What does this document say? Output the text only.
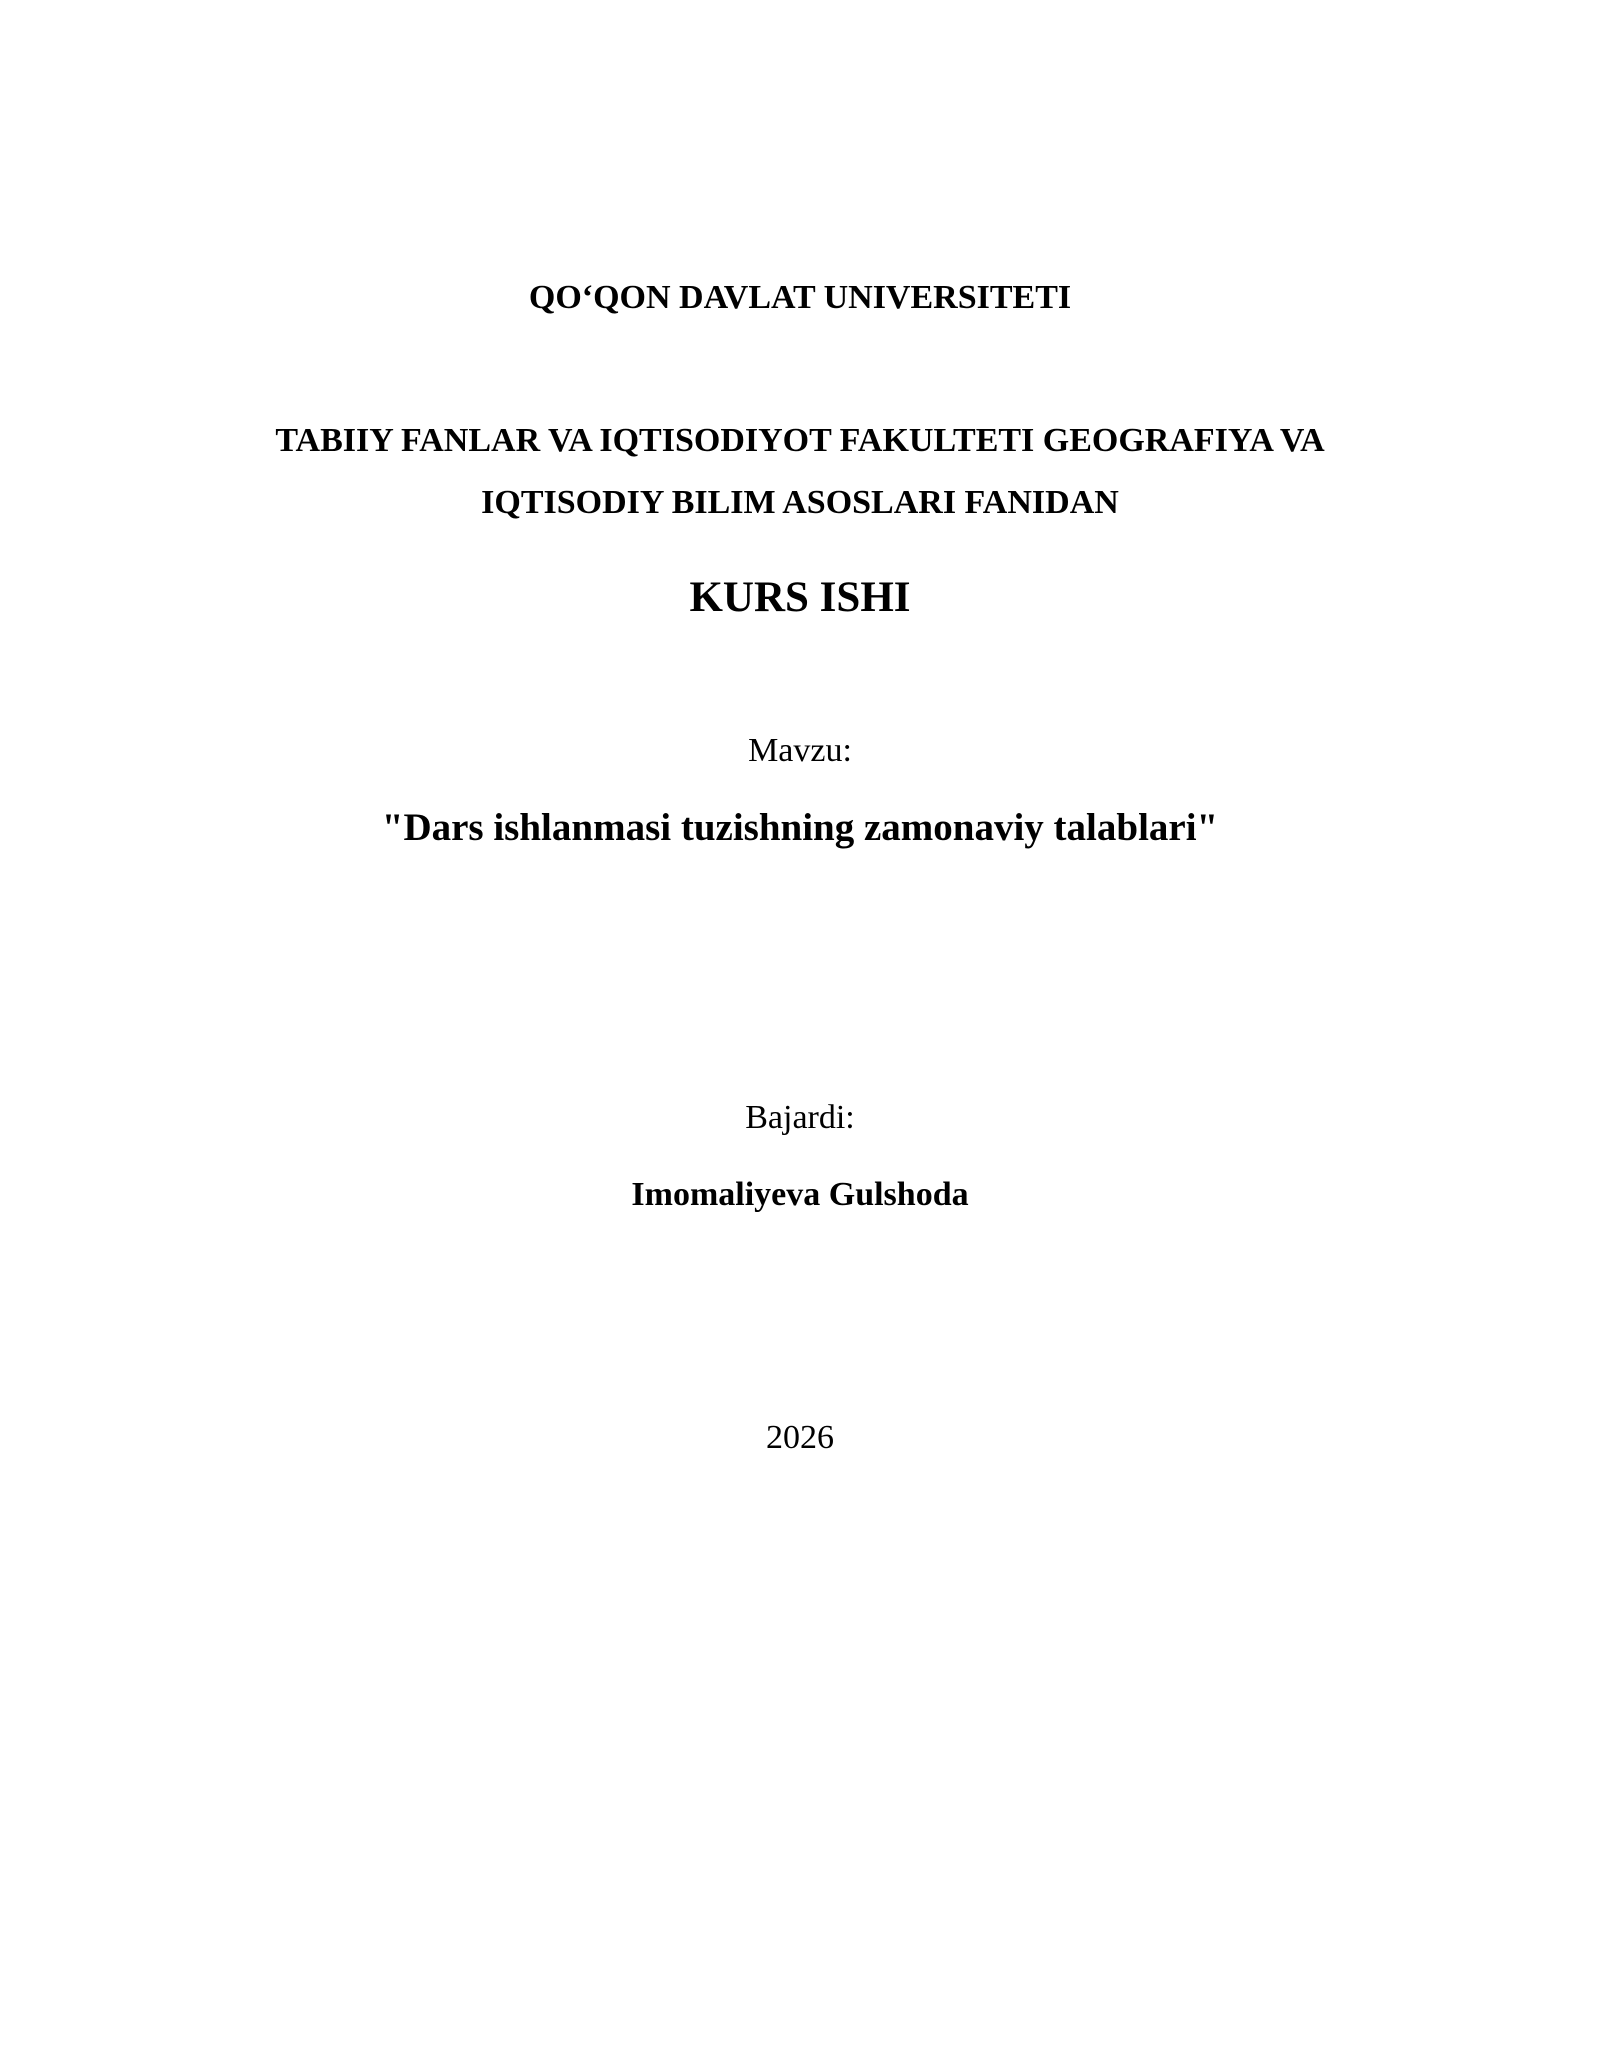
QO‘QON DAVLAT UNIVERSITETI
TABIIY FANLAR VA IQTISODIYOT FAKULTETI GEOGRAFIYA VA
IQTISODIY BILIM ASOSLARI FANIDAN
KURS ISHI
Mavzu:
"Dars ishlanmasi tuzishning zamonaviy talablari"
Bajardi:
Imomaliyeva Gulshoda
2026
